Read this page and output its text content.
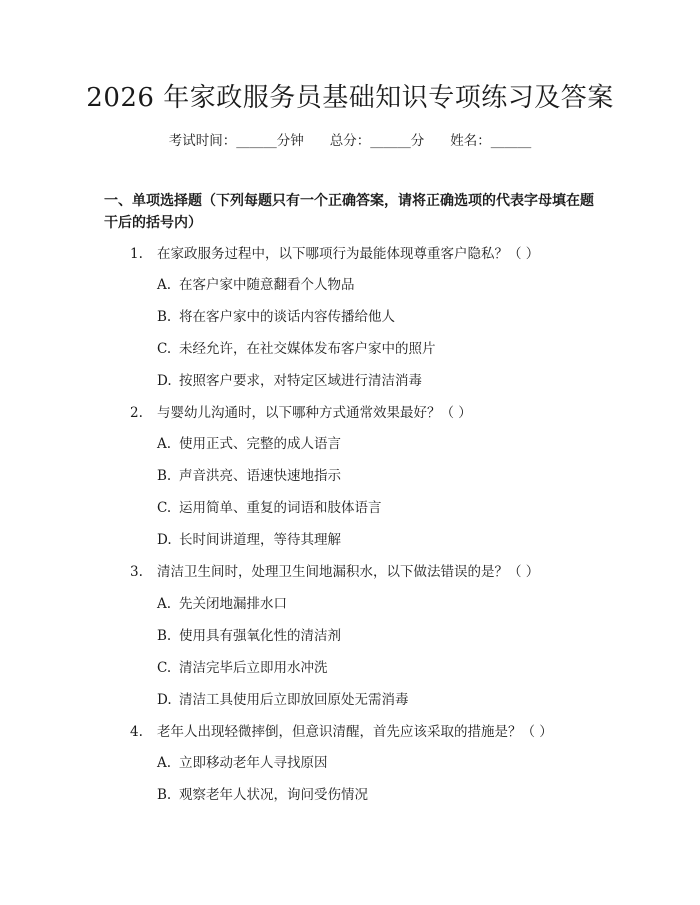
2026 年家政服务员基础知识专项练习及答案
考试时间：______分钟 总分：______分 姓名：______
一、单项选择题（下列每题只有一个正确答案，请将正确选项的代表字母填在题干后的括号内）
1. 在家政服务过程中，以下哪项行为最能体现尊重客户隐私？（ ）
A. 在客户家中随意翻看个人物品
B. 将在客户家中的谈话内容传播给他人
C. 未经允许，在社交媒体发布客户家中的照片
D. 按照客户要求，对特定区域进行清洁消毒
2. 与婴幼儿沟通时，以下哪种方式通常效果最好？（ ）
A. 使用正式、完整的成人语言
B. 声音洪亮、语速快速地指示
C. 运用简单、重复的词语和肢体语言
D. 长时间讲道理，等待其理解
3. 清洁卫生间时，处理卫生间地漏积水，以下做法错误的是？（ ）
A. 先关闭地漏排水口
B. 使用具有强氧化性的清洁剂
C. 清洁完毕后立即用水冲洗
D. 清洁工具使用后立即放回原处无需消毒
4. 老年人出现轻微摔倒，但意识清醒，首先应该采取的措施是？（ ）
A. 立即移动老年人寻找原因
B. 观察老年人状况，询问受伤情况
